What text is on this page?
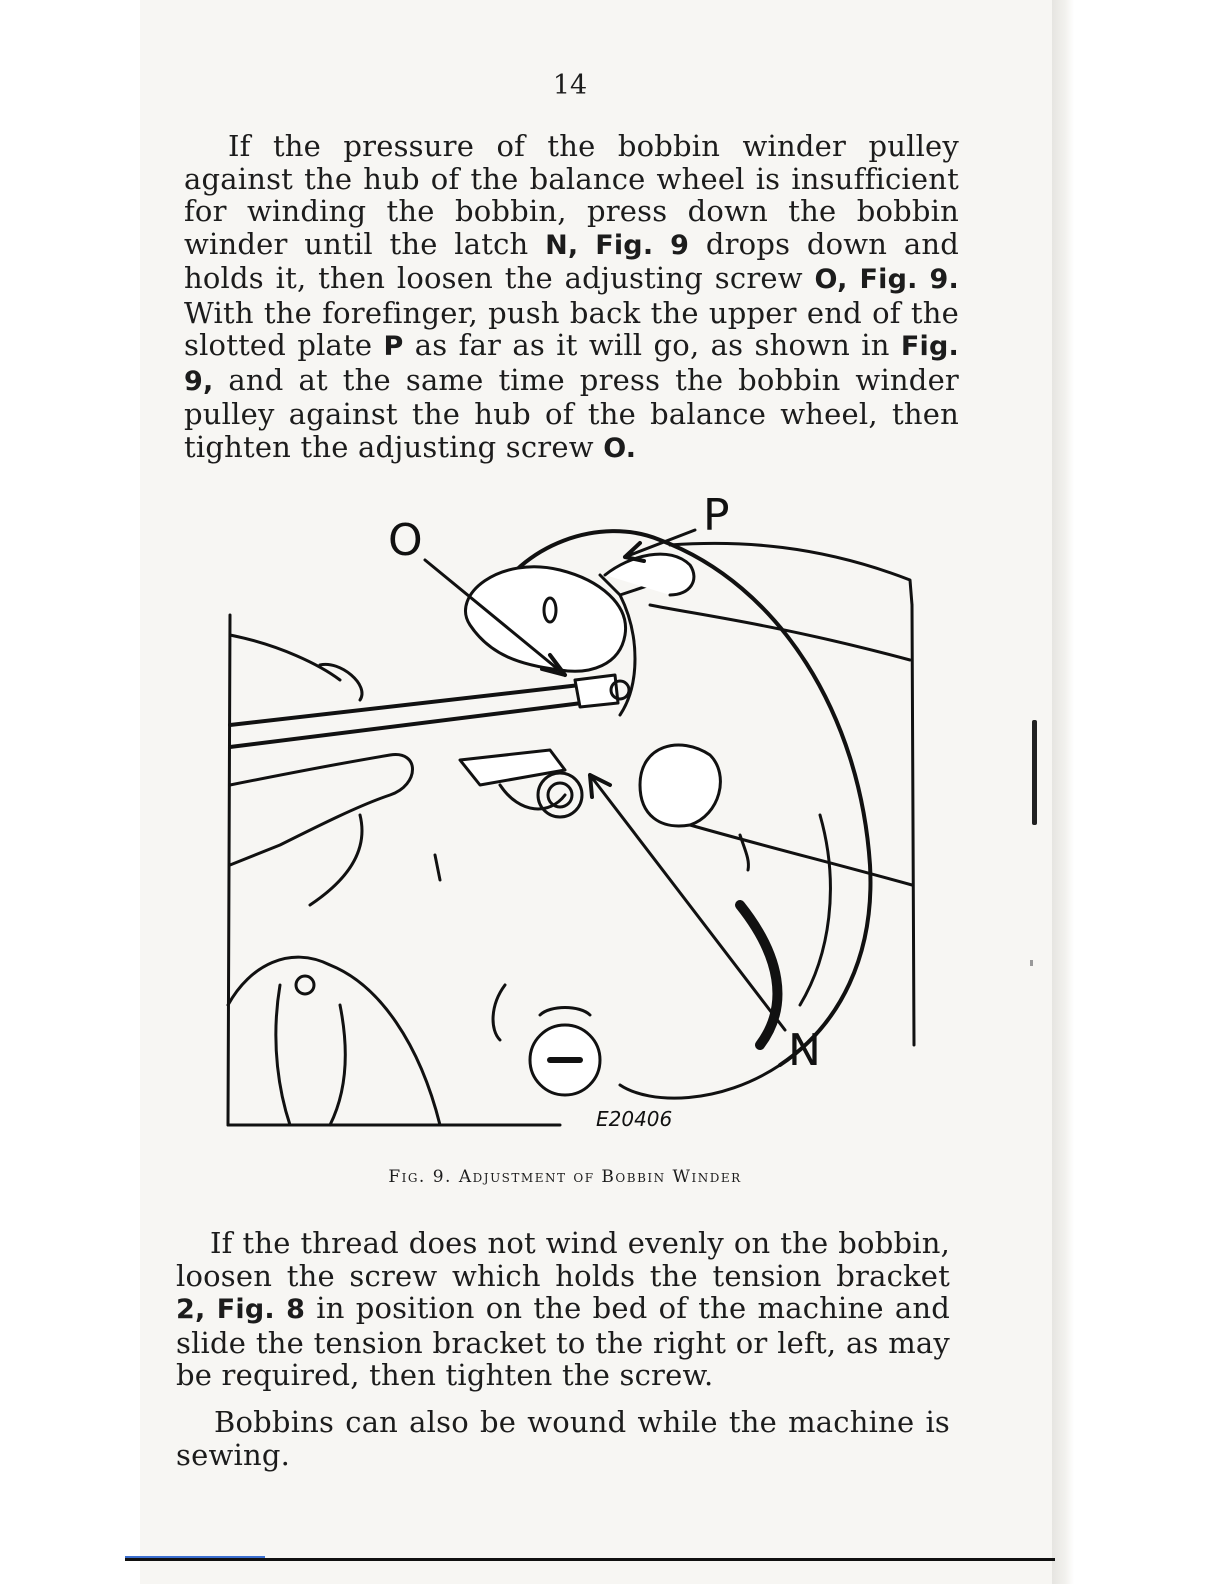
14

If the pressure of the bobbin winder pulley against the hub of the balance wheel is insufficient for winding the bobbin, press down the bobbin winder until the latch N, Fig. 9 drops down and holds it, then loosen the adjusting screw O, Fig. 9. With the forefinger, push back the upper end of the slotted plate P as far as it will go, as shown in Fig. 9, and at the same time press the bobbin winder pulley against the hub of the balance wheel, then tighten the adjusting screw O.

O	P
N
E20406
Fig. 9. Adjustment of Bobbin Winder

If the thread does not wind evenly on the bobbin, loosen the screw which holds the tension bracket 2, Fig. 8 in position on the bed of the machine and slide the tension bracket to the right or left, as may be required, then tighten the screw.

Bobbins can also be wound while the machine is sewing.
